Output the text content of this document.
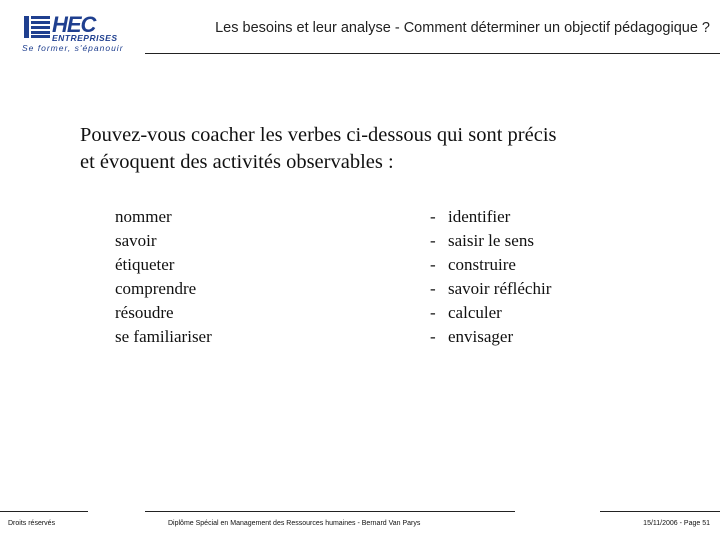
HEC
ENTREPRISES
Se former, s'épanouir
Les besoins et leur analyse - Comment déterminer un objectif pédagogique ?
Pouvez-vous coacher les verbes ci-dessous qui sont précis
et évoquent des activités observables :
nommer
savoir
étiqueter
comprendre
résoudre
se familiariser
- identifier
- saisir le sens
- construire
- savoir réfléchir
- calculer
- envisager
Droits réservés	Diplôme Spécial en Management des Ressources humaines - Bernard Van Parys	15/11/2006 - Page 51
